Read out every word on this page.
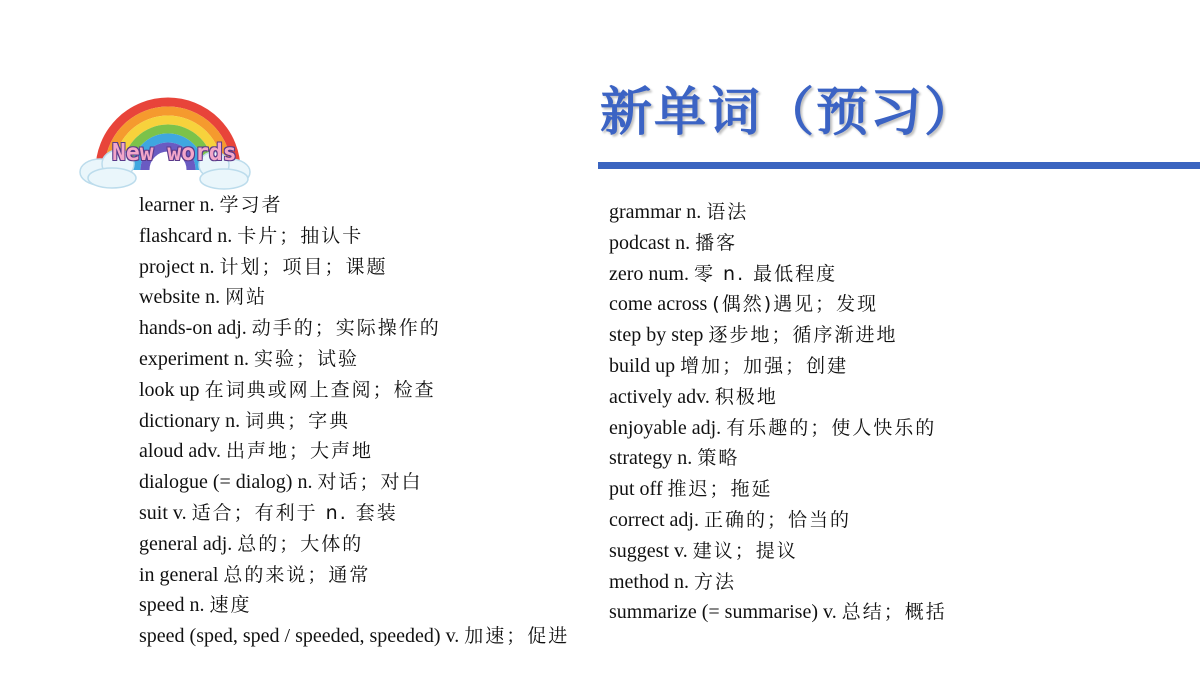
New words
新单词（预习）
learner n. 学习者
flashcard n. 卡片；抽认卡
project n. 计划；项目；课题
website n. 网站
hands-on adj. 动手的；实际操作的
experiment n. 实验；试验
look up 在词典或网上查阅；检查
dictionary n. 词典；字典
aloud adv. 出声地；大声地
dialogue (= dialog) n. 对话；对白
suit v. 适合；有利于 n. 套装
general adj. 总的；大体的
in general 总的来说；通常
speed n. 速度
speed (sped, sped / speeded, speeded) v. 加速；促进
grammar n. 语法
podcast n. 播客
zero num. 零 n. 最低程度
come across (偶然)遇见；发现
step by step 逐步地；循序渐进地
build up 增加；加强；创建
actively adv. 积极地
enjoyable adj. 有乐趣的；使人快乐的
strategy n. 策略
put off 推迟；拖延
correct adj. 正确的；恰当的
suggest v. 建议；提议
method n. 方法
summarize (= summarise) v. 总结；概括
